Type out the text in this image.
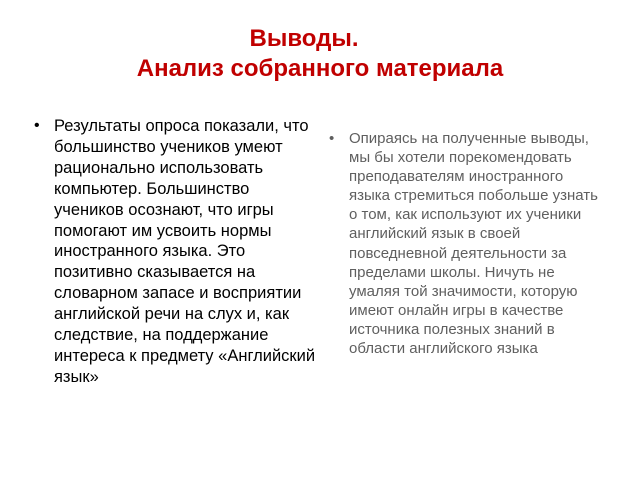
Выводы.
Анализ собранного материала
• Результаты опроса показали, что большинство учеников умеют рационально использовать компьютер. Большинство учеников осознают, что игры помогают им усвоить нормы иностранного языка. Это позитивно сказывается на словарном запасе и восприятии английской речи на слух и, как следствие, на поддержание интереса к предмету «Английский язык»
• Опираясь на полученные выводы, мы бы хотели порекомендовать преподавателям иностранного языка стремиться побольше узнать о том, как используют их ученики английский язык в своей повседневной деятельности за пределами школы. Ничуть не умаляя той значимости, которую имеют онлайн игры в качестве источника полезных знаний в области английского языка
